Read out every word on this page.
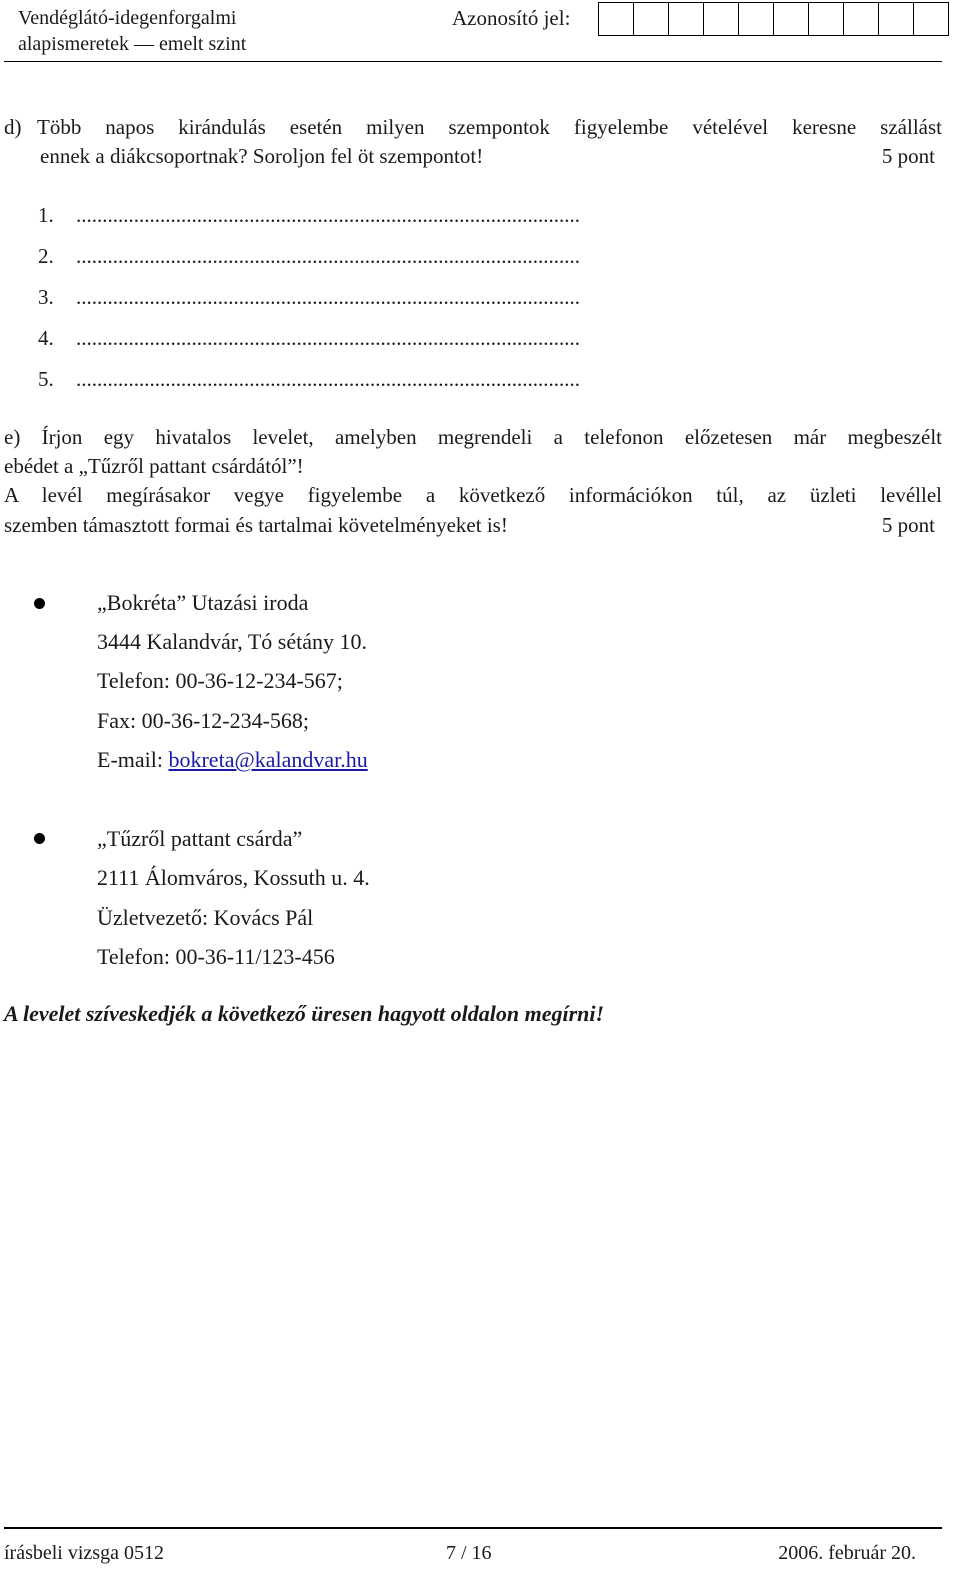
Vendéglátó-idegenforgalmi
alapismeretek — emelt szint
Azonosító jel:
d) Több napos kirándulás esetén milyen szempontok figyelembe vételével keresne szállást
ennek a diákcsoportnak? Soroljon fel öt szempontot!	5 pont
1. ................................................................................................
2. ................................................................................................
3. ................................................................................................
4. ................................................................................................
5. ................................................................................................
e) Írjon egy hivatalos levelet, amelyben megrendeli a telefonon előzetesen már megbeszélt
ebédet a „Tűzről pattant csárdától”!
A levél megírásakor vegye figyelembe a következő információkon túl, az üzleti levéllel
szemben támasztott formai és tartalmai követelményeket is!	5 pont
„Bokréta” Utazási iroda
3444 Kalandvár, Tó sétány 10.
Telefon: 00-36-12-234-567;
Fax: 00-36-12-234-568;
E-mail: bokreta@kalandvar.hu
„Tűzről pattant csárda”
2111 Álomváros, Kossuth u. 4.
Üzletvezető: Kovács Pál
Telefon: 00-36-11/123-456
A levelet szíveskedjék a következő üresen hagyott oldalon megírni!
írásbeli vizsga 0512	7 / 16	2006. február 20.
